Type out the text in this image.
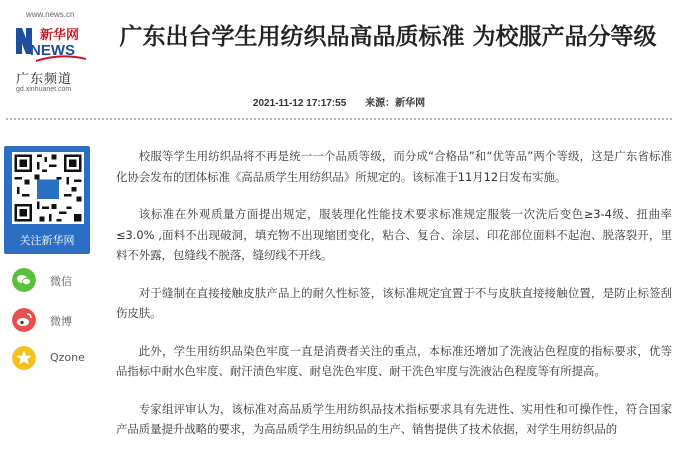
www.news.cn
新华网
NEWS
广东频道
gd.xinhuanet.com
广东出台学生用纺织品高品质标准 为校服产品分等级
2021-11-12 17:17:55 来源：新华网
关注新华网
微信
微博
Qzone

校服等学生用纺织品将不再是统一一个品质等级，而分成“合格品”和“优等品”两个等级，这是广东省标准化协会发布的团体标准《高品质学生用纺织品》所规定的。该标准于11月12日发布实施。

该标准在外观质量方面提出规定，服装理化性能技术要求标准规定服装一次洗后变色≥3-4级、扭曲率≤3.0% ,面料不出现破洞，填充物不出现缩团变化，粘合、复合、涂层、印花部位面料不起泡、脱落裂开，里料不外露，包缝线不脱落，缝纫线不开线。

对于缝制在直接接触皮肤产品上的耐久性标签，该标准规定宜置于不与皮肤直接接触位置，是防止标签刮伤皮肤。

此外，学生用纺织品染色牢度一直是消费者关注的重点，本标准还增加了洗液沾色程度的指标要求，优等品指标中耐水色牢度、耐汗渍色牢度、耐皂洗色牢度、耐干洗色牢度与洗液沾色程度等有所提高。

专家组评审认为，该标准对高品质学生用纺织品技术指标要求具有先进性、实用性和可操作性，符合国家产品质量提升战略的要求，为高品质学生用纺织品的生产、销售提供了技术依据，对学生用纺织品的
